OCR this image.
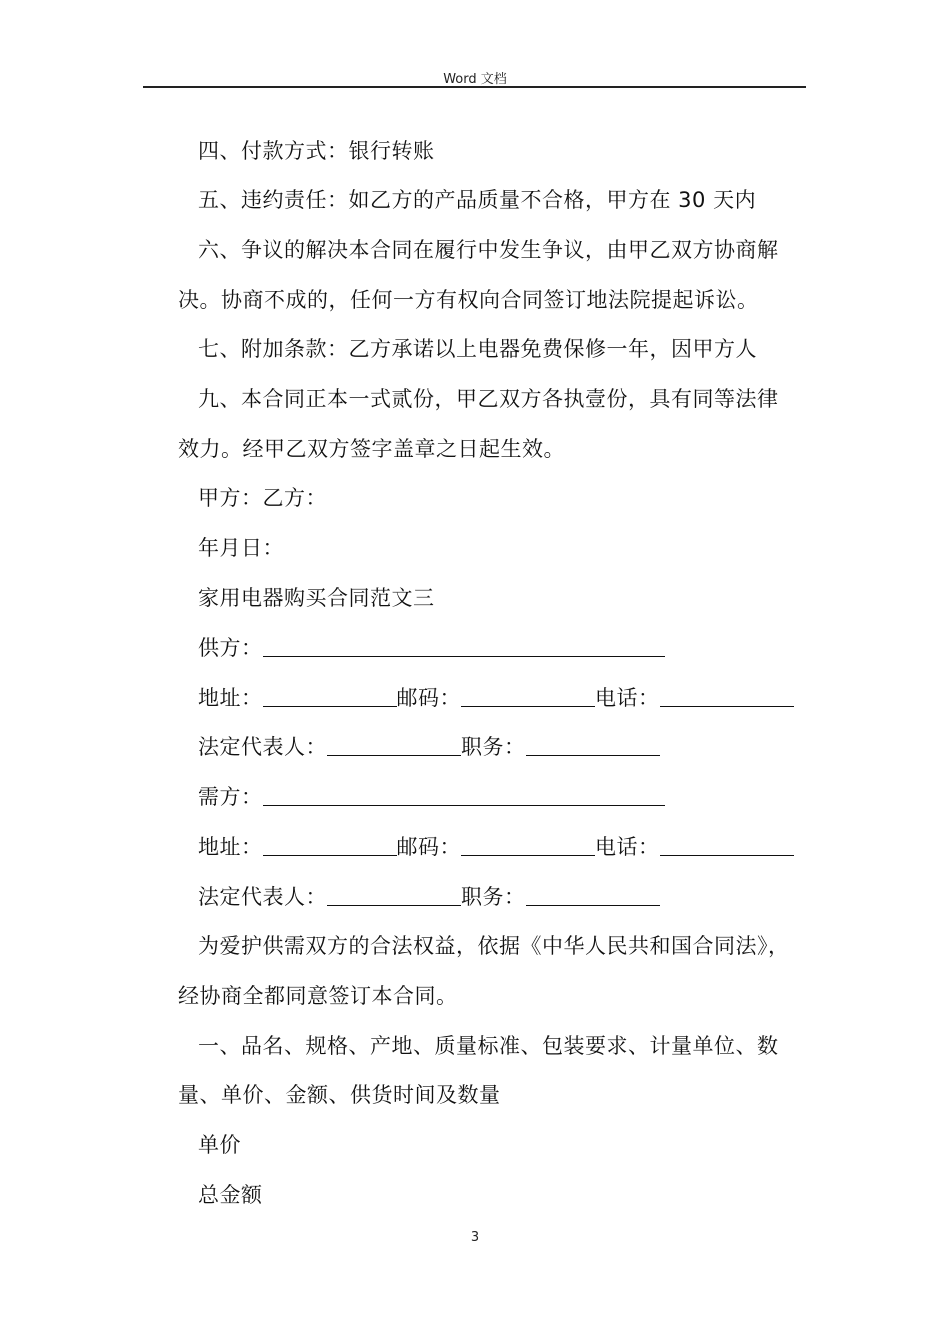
Word 文档
四、付款方式：银行转账
五、违约责任：如乙方的产品质量不合格，甲方在 30 天内
六、争议的解决本合同在履行中发生争议，由甲乙双方协商解
决。协商不成的，任何一方有权向合同签订地法院提起诉讼。
七、附加条款：乙方承诺以上电器免费保修一年，因甲方人
九、本合同正本一式贰份，甲乙双方各执壹份，具有同等法律
效力。经甲乙双方签字盖章之日起生效。
甲方：乙方：
年月日：
家用电器购买合同范文三
供方：
地址：	邮码：	电话：
法定代表人：	职务：
需方：
地址：	邮码：	电话：
法定代表人：	职务：
为爱护供需双方的合法权益，依据《中华人民共和国合同法》，
经协商全都同意签订本合同。
一、品名、规格、产地、质量标准、包装要求、计量单位、数
量、单价、金额、供货时间及数量
单价
总金额
3
